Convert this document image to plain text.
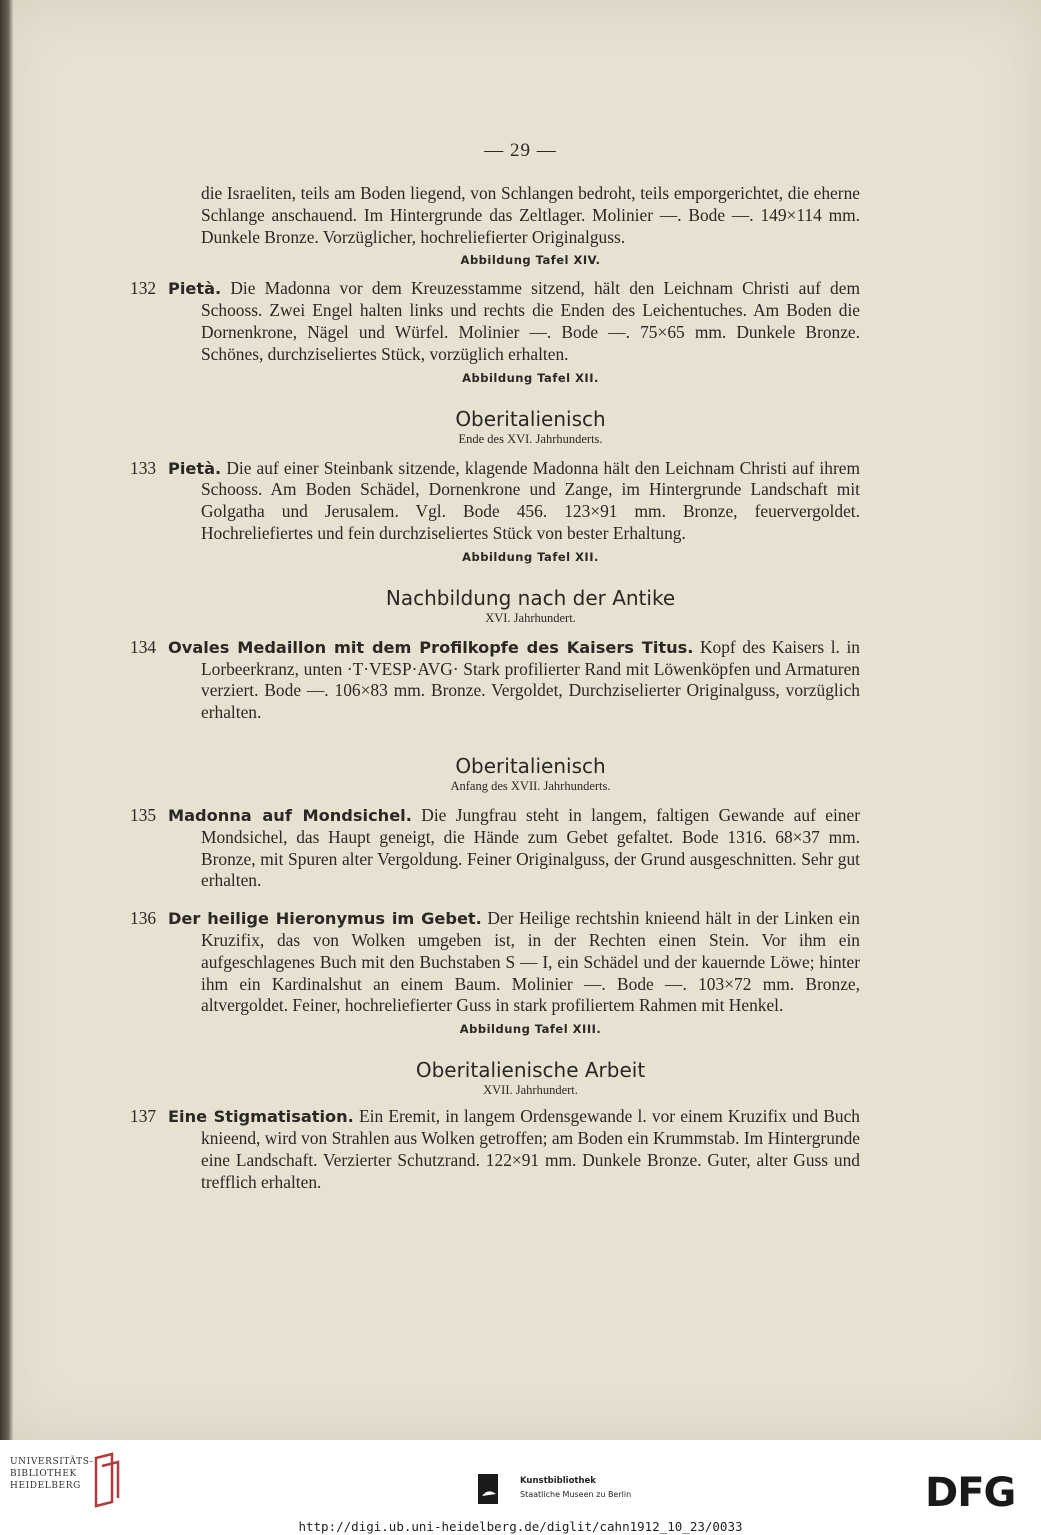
— 29 —

die Israeliten, teils am Boden liegend, von Schlangen bedroht, teils emporgerichtet, die eherne Schlange anschauend. Im Hintergrunde das Zeltlager. Molinier —. Bode —. 149×114 mm. Dunkele Bronze. Vorzüglicher, hochreliefierter Originalguss.

Abbildung Tafel XIV.

132 Pietà. Die Madonna vor dem Kreuzesstamme sitzend, hält den Leichnam Christi auf dem Schooss. Zwei Engel halten links und rechts die Enden des Leichentuches. Am Boden die Dornenkrone, Nägel und Würfel. Molinier —. Bode —. 75×65 mm. Dunkele Bronze. Schönes, durchziseliertes Stück, vorzüglich erhalten.

Abbildung Tafel XII.

Oberitalienisch

Ende des XVI. Jahrhunderts.

133 Pietà. Die auf einer Steinbank sitzende, klagende Madonna hält den Leichnam Christi auf ihrem Schooss. Am Boden Schädel, Dornenkrone und Zange, im Hintergrunde Landschaft mit Golgatha und Jerusalem. Vgl. Bode 456. 123×91 mm. Bronze, feuervergoldet. Hochreliefiertes und fein durchziseliertes Stück von bester Erhaltung.

Abbildung Tafel XII.

Nachbildung nach der Antike

XVI. Jahrhundert.

134 Ovales Medaillon mit dem Profilkopfe des Kaisers Titus. Kopf des Kaisers l. in Lorbeerkranz, unten ·T·VESP·AVG· Stark profilierter Rand mit Löwenköpfen und Armaturen verziert. Bode —. 106×83 mm. Bronze. Vergoldet, Durchziselierter Originalguss, vorzüglich erhalten.

Oberitalienisch

Anfang des XVII. Jahrhunderts.

135 Madonna auf Mondsichel. Die Jungfrau steht in langem, faltigen Gewande auf einer Mondsichel, das Haupt geneigt, die Hände zum Gebet gefaltet. Bode 1316. 68×37 mm. Bronze, mit Spuren alter Vergoldung. Feiner Originalguss, der Grund ausgeschnitten. Sehr gut erhalten.
136 Der heilige Hieronymus im Gebet. Der Heilige rechtshin knieend hält in der Linken ein Kruzifix, das von Wolken umgeben ist, in der Rechten einen Stein. Vor ihm ein aufgeschlagenes Buch mit den Buchstaben S — I, ein Schädel und der kauernde Löwe; hinter ihm ein Kardinalshut an einem Baum. Molinier —. Bode —. 103×72 mm. Bronze, altvergoldet. Feiner, hochreliefierter Guss in stark profiliertem Rahmen mit Henkel.

Abbildung Tafel XIII.

Oberitalienische Arbeit

XVII. Jahrhundert.

137 Eine Stigmatisation. Ein Eremit, in langem Ordensgewande l. vor einem Kruzifix und Buch knieend, wird von Strahlen aus Wolken getroffen; am Boden ein Krummstab. Im Hintergrunde eine Landschaft. Verzierter Schutzrand. 122×91 mm. Dunkele Bronze. Guter, alter Guss und trefflich erhalten.
UNIVERSITÄTS-
BIBLIOTHEK
HEIDELBERG	Kunstbibliothek
Staatliche Museen zu Berlin	DFG
http://digi.ub.uni-heidelberg.de/diglit/cahn1912_10_23/0033
